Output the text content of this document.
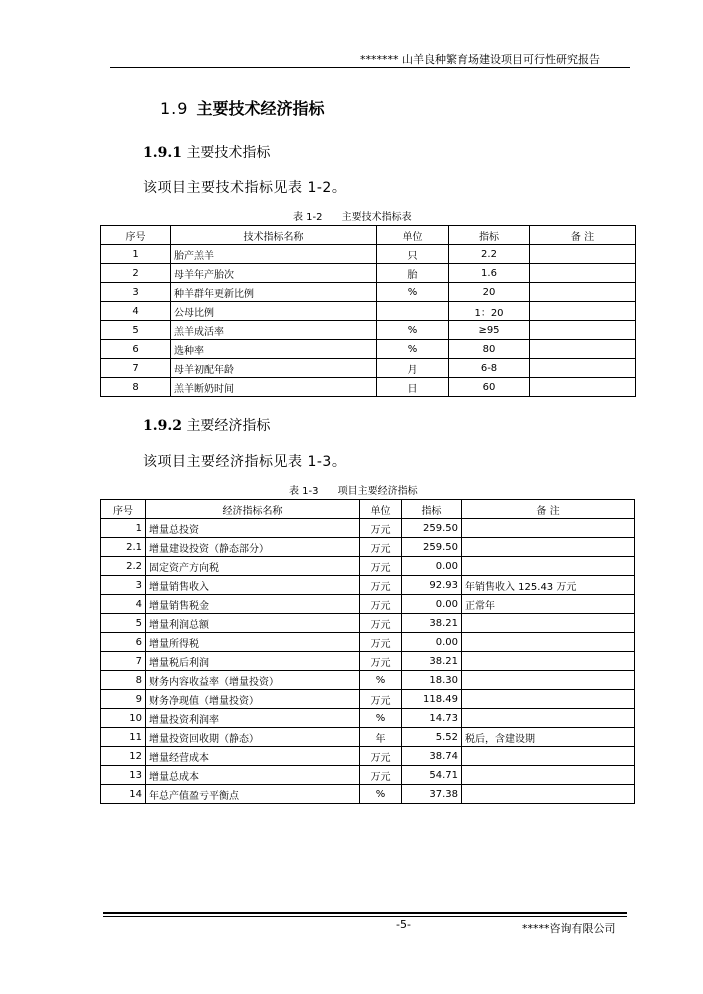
******* 山羊良种繁育场建设项目可行性研究报告
1.9 主要技术经济指标
1.9.1 主要技术指标
该项目主要技术指标见表 1-2。
表 1-2      主要技术指标表
序号	技术指标名称	单位	指标	备 注
1	胎产羔羊	只	2.2	
2	母羊年产胎次	胎	1.6	
3	种羊群年更新比例	%	20	
4	公母比例		1：20	
5	羔羊成活率	%	≥95	
6	选种率	%	80	
7	母羊初配年龄	月	6-8	
8	羔羊断奶时间	日	60	
1.9.2 主要经济指标
该项目主要经济指标见表 1-3。
表 1-3      项目主要经济指标
序号	经济指标名称	单位	指标	备 注
1	增量总投资	万元	259.50	
2.1	增量建设投资（静态部分）	万元	259.50	
2.2	固定资产方向税	万元	0.00	
3	增量销售收入	万元	92.93	年销售收入 125.43 万元
4	增量销售税金	万元	0.00	正常年
5	增量利润总额	万元	38.21	
6	增量所得税	万元	0.00	
7	增量税后利润	万元	38.21	
8	财务内容收益率（增量投资）	%	18.30	
9	财务净现值（增量投资）	万元	118.49	
10	增量投资利润率	%	14.73	
11	增量投资回收期（静态）	年	5.52	税后，含建设期
12	增量经营成本	万元	38.74	
13	增量总成本	万元	54.71	
14	年总产值盈亏平衡点	%	37.38	
-5-	*****咨询有限公司
